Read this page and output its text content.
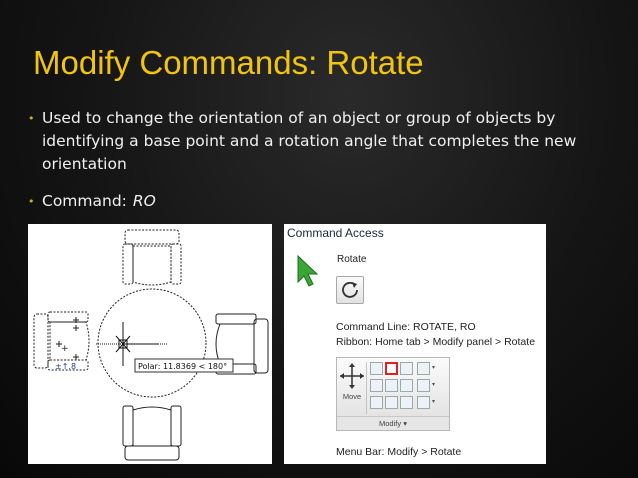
Modify Commands: Rotate
• Used to change the orientation of an object or group of objects by identifying a base point and a rotation angle that completes the new orientation
• Command: RO
+
±↑.8	Polar: 11.8369 < 180°
Command Access
Rotate
Command Line: ROTATE, RO
Ribbon: Home tab > Modify panel > Rotate
Move
▾
▾
▾
Modify ▾
Menu Bar: Modify > Rotate
